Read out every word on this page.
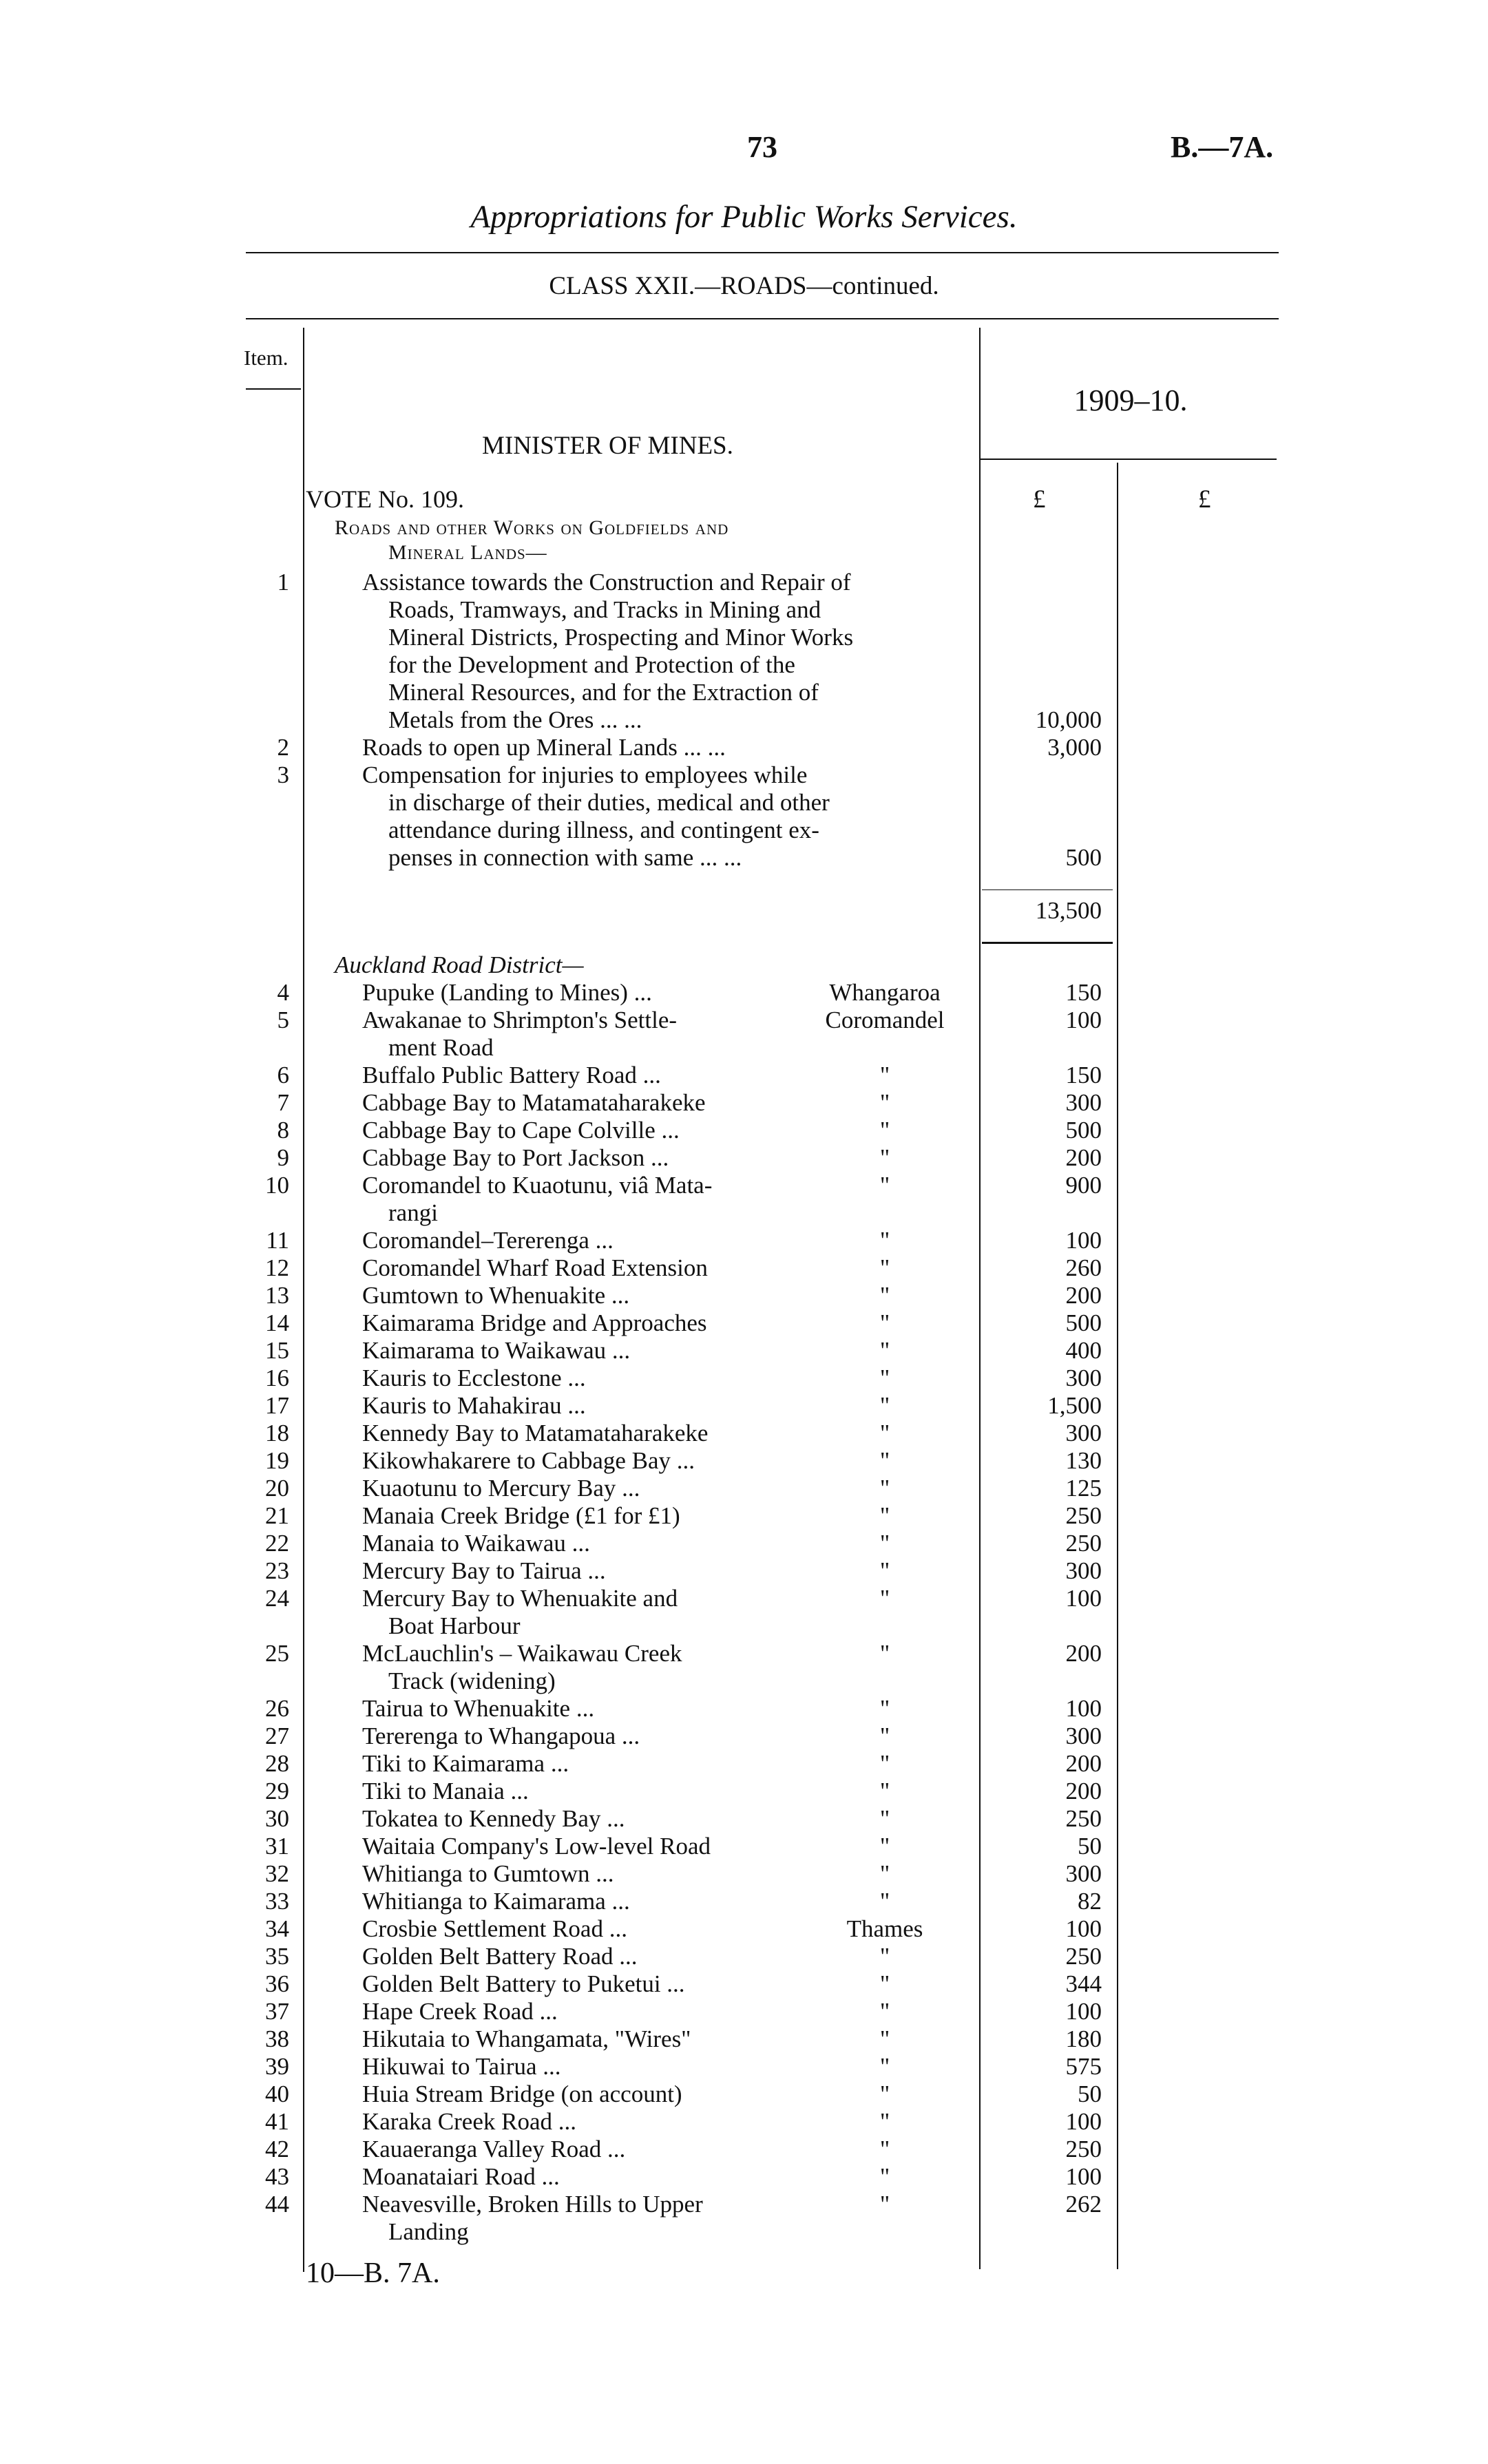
73	B.—7A.
Appropriations for Public Works Services.
CLASS XXII.—ROADS—continued.
Item.
1909–10.
MINISTER OF MINES.
£	£
VOTE No. 109.
Roads and other Works on Goldfields and
Mineral Lands—
1	Assistance towards the Construction and Repair of
Roads, Tramways, and Tracks in Mining and
Mineral Districts, Prospecting and Minor Works
for the Development and Protection of the
Mineral Resources, and for the Extraction of
Metals from the Ores ... ...	10,000
2	Roads to open up Mineral Lands ... ...	3,000
3	Compensation for injuries to employees while
in discharge of their duties, medical and other
attendance during illness, and contingent ex-
penses in connection with same ... ...	500
13,500
Auckland Road District—
4	Pupuke (Landing to Mines) ...	Whangaroa	150
5	Awakanae to Shrimpton's Settle-	Coromandel	100
ment Road
6	Buffalo Public Battery Road ...	"	150
7	Cabbage Bay to Matamataharakeke	"	300
8	Cabbage Bay to Cape Colville ...	"	500
9	Cabbage Bay to Port Jackson ...	"	200
10	Coromandel to Kuaotunu, viâ Mata-	"	900
rangi
11	Coromandel–Tererenga ...	"	100
12	Coromandel Wharf Road Extension	"	260
13	Gumtown to Whenuakite ...	"	200
14	Kaimarama Bridge and Approaches	"	500
15	Kaimarama to Waikawau ...	"	400
16	Kauris to Ecclestone ...	"	300
17	Kauris to Mahakirau ...	"	1,500
18	Kennedy Bay to Matamataharakeke	"	300
19	Kikowhakarere to Cabbage Bay ...	"	130
20	Kuaotunu to Mercury Bay ...	"	125
21	Manaia Creek Bridge (£1 for £1)	"	250
22	Manaia to Waikawau ...	"	250
23	Mercury Bay to Tairua ...	"	300
24	Mercury Bay to Whenuakite and	"	100
Boat Harbour
25	McLauchlin's – Waikawau Creek	"	200
Track (widening)
26	Tairua to Whenuakite ...	"	100
27	Tererenga to Whangapoua ...	"	300
28	Tiki to Kaimarama ...	"	200
29	Tiki to Manaia ...	"	200
30	Tokatea to Kennedy Bay ...	"	250
31	Waitaia Company's Low-level Road	"	50
32	Whitianga to Gumtown ...	"	300
33	Whitianga to Kaimarama ...	"	82
34	Crosbie Settlement Road ...	Thames	100
35	Golden Belt Battery Road ...	"	250
36	Golden Belt Battery to Puketui ...	"	344
37	Hape Creek Road ...	"	100
38	Hikutaia to Whangamata, "Wires"	"	180
39	Hikuwai to Tairua ...	"	575
40	Huia Stream Bridge (on account)	"	50
41	Karaka Creek Road ...	"	100
42	Kauaeranga Valley Road ...	"	250
43	Moanataiari Road ...	"	100
44	Neavesville, Broken Hills to Upper	"	262
Landing
10—B. 7A.
